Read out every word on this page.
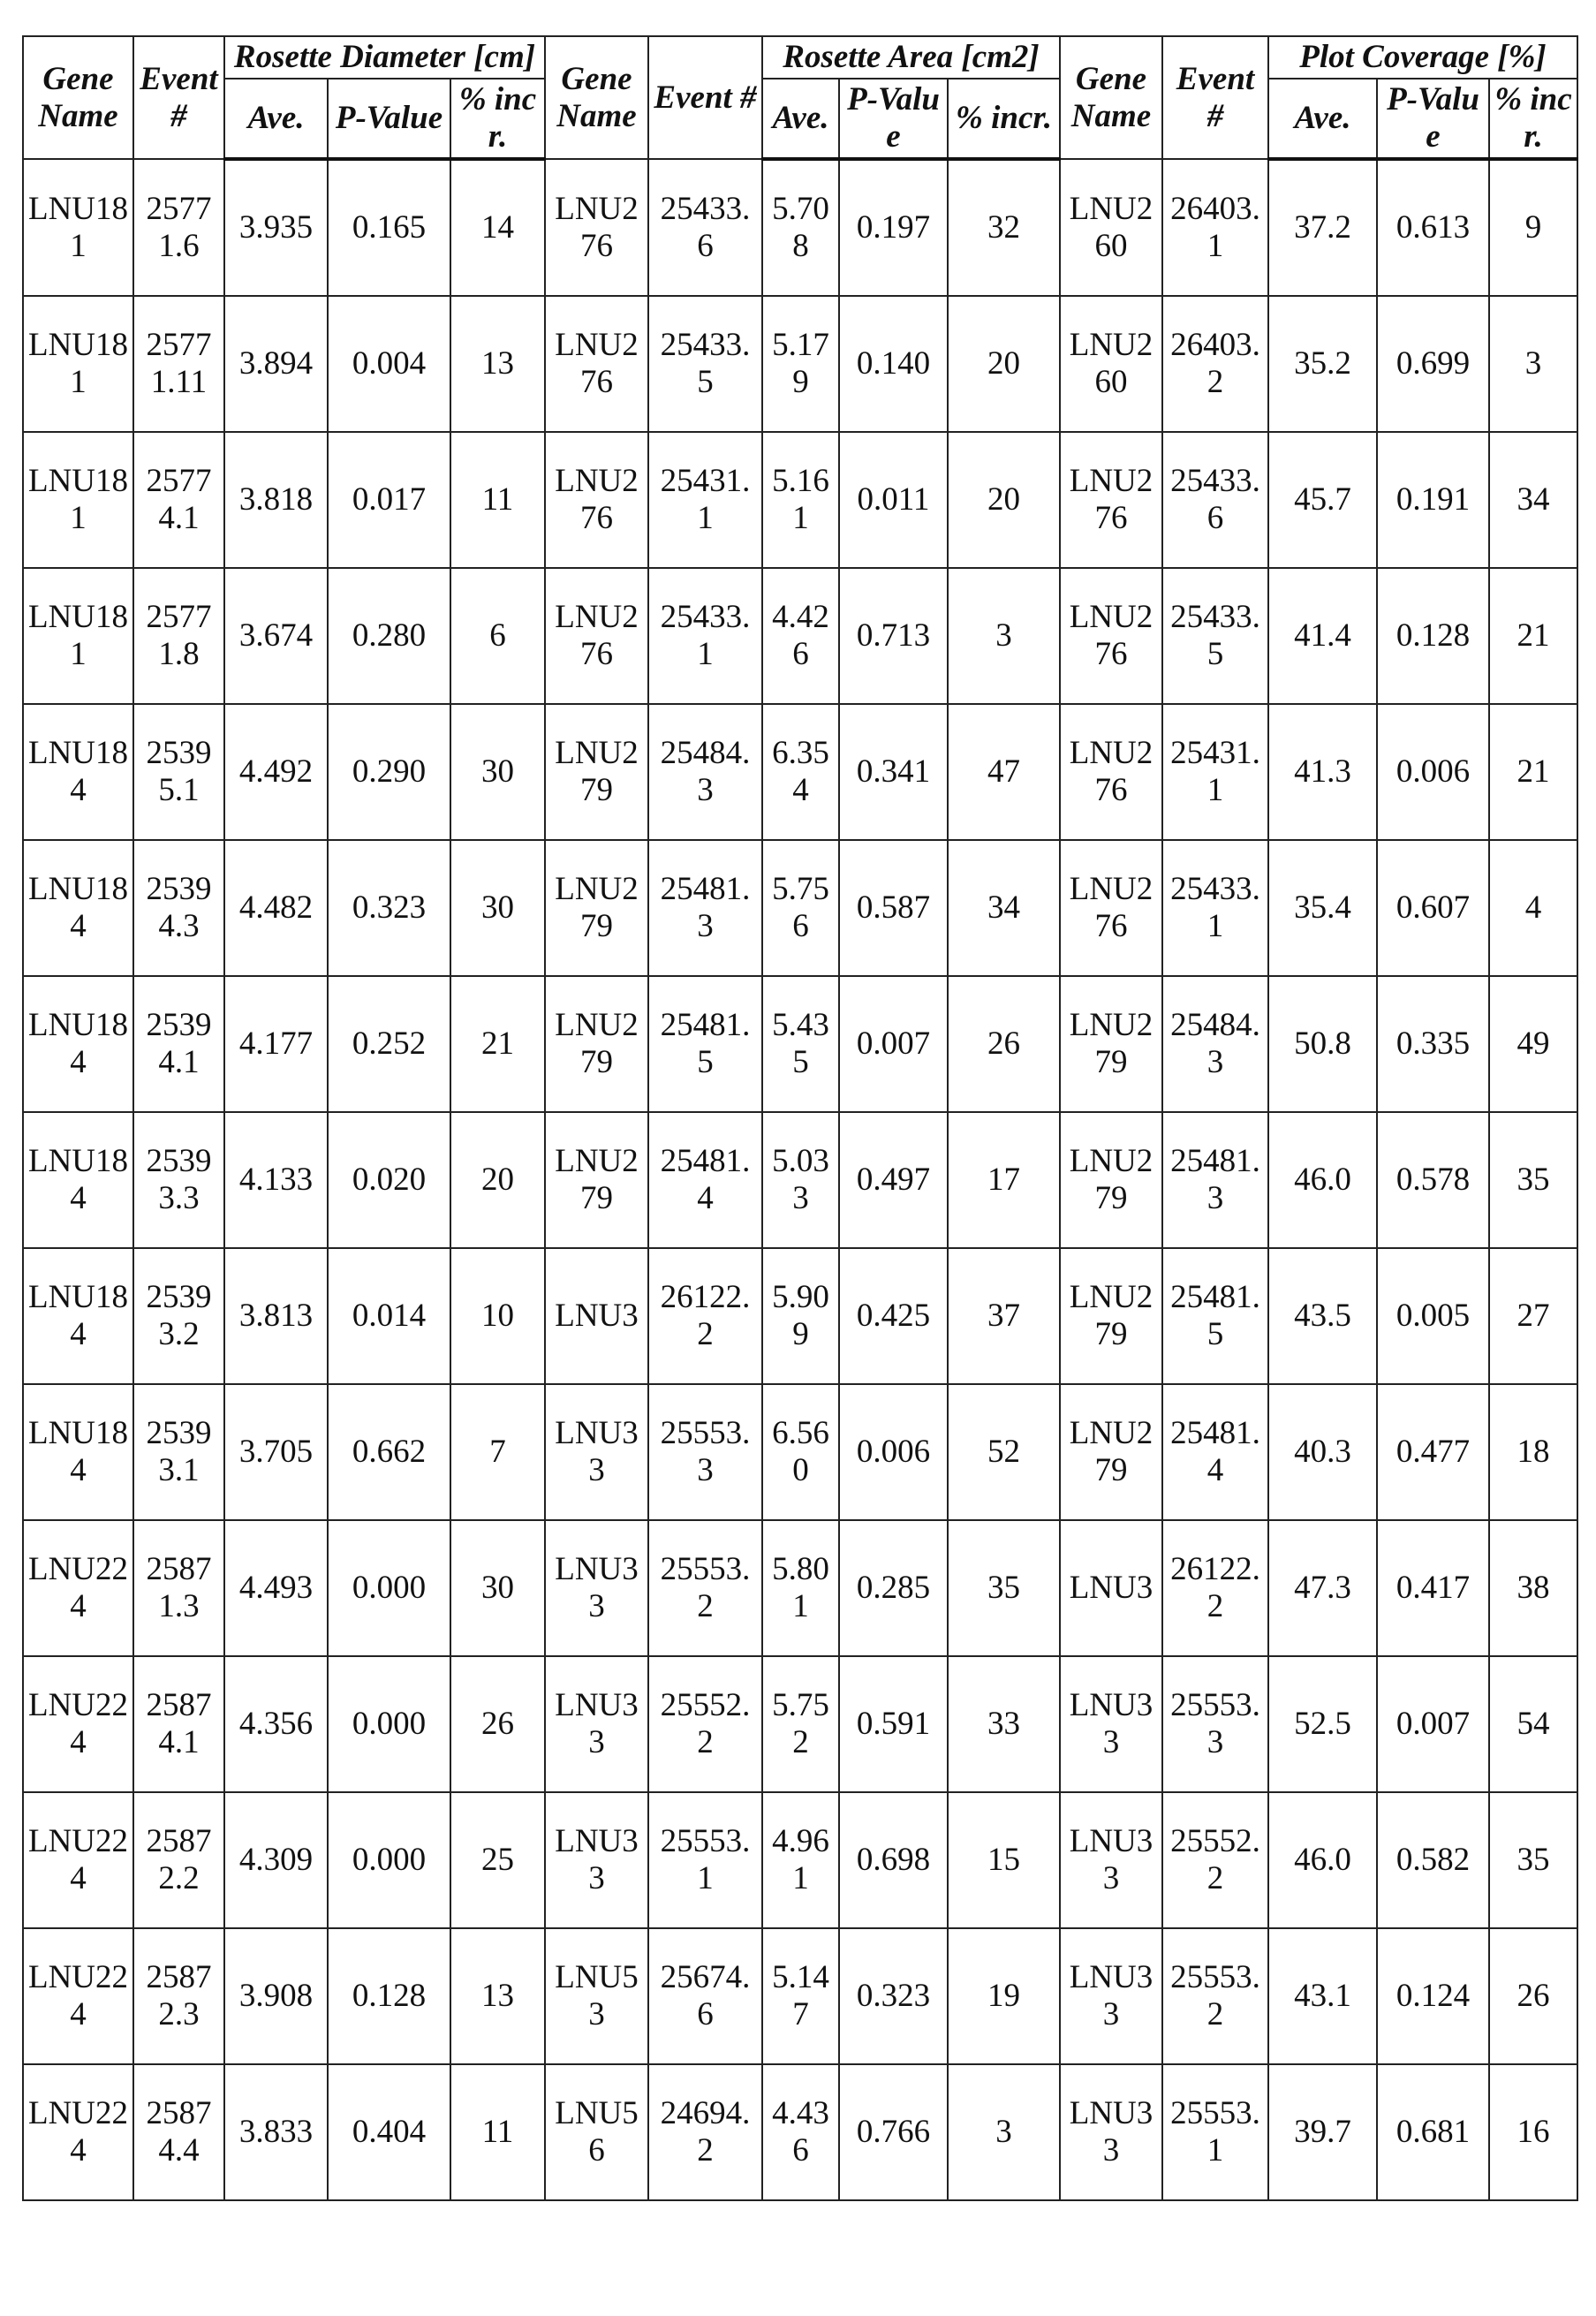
Gene Name	Event #	Rosette Diameter [cm]	Gene Name	Event #	Rosette Area [cm2]	Gene Name	Event #	Plot Coverage [%]
Ave.	P-Value	% incr.	Ave.	P-Value	% incr.	Ave.	P-Value	% incr.
LNU181	25771.6	3.935	0.165	14	LNU276	25433.6	5.708	0.197	32	LNU260	26403.1	37.2	0.613	9
LNU181	25771.11	3.894	0.004	13	LNU276	25433.5	5.179	0.140	20	LNU260	26403.2	35.2	0.699	3
LNU181	25774.1	3.818	0.017	11	LNU276	25431.1	5.161	0.011	20	LNU276	25433.6	45.7	0.191	34
LNU181	25771.8	3.674	0.280	6	LNU276	25433.1	4.426	0.713	3	LNU276	25433.5	41.4	0.128	21
LNU184	25395.1	4.492	0.290	30	LNU279	25484.3	6.354	0.341	47	LNU276	25431.1	41.3	0.006	21
LNU184	25394.3	4.482	0.323	30	LNU279	25481.3	5.756	0.587	34	LNU276	25433.1	35.4	0.607	4
LNU184	25394.1	4.177	0.252	21	LNU279	25481.5	5.435	0.007	26	LNU279	25484.3	50.8	0.335	49
LNU184	25393.3	4.133	0.020	20	LNU279	25481.4	5.033	0.497	17	LNU279	25481.3	46.0	0.578	35
LNU184	25393.2	3.813	0.014	10	LNU3	26122.2	5.909	0.425	37	LNU279	25481.5	43.5	0.005	27
LNU184	25393.1	3.705	0.662	7	LNU33	25553.3	6.560	0.006	52	LNU279	25481.4	40.3	0.477	18
LNU224	25871.3	4.493	0.000	30	LNU33	25553.2	5.801	0.285	35	LNU3	26122.2	47.3	0.417	38
LNU224	25874.1	4.356	0.000	26	LNU33	25552.2	5.752	0.591	33	LNU33	25553.3	52.5	0.007	54
LNU224	25872.2	4.309	0.000	25	LNU33	25553.1	4.961	0.698	15	LNU33	25552.2	46.0	0.582	35
LNU224	25872.3	3.908	0.128	13	LNU53	25674.6	5.147	0.323	19	LNU33	25553.2	43.1	0.124	26
LNU224	25874.4	3.833	0.404	11	LNU56	24694.2	4.436	0.766	3	LNU33	25553.1	39.7	0.681	16
